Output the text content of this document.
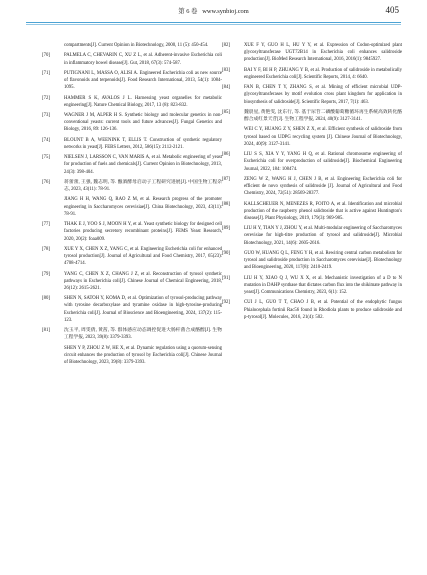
第 6 卷 www.synbioj.com	405
compartments[J]. Current Opinion in Biotechnology, 2000, 11 (5): 450-454.
[70]	PALMELA C, CHEVARIN C, XU Z L, et al. Adherent-invasive Escherichia coli in inflammatory bowel disease[J]. Gut, 2018, 67(3): 574-587.
[71]	PUTIGNANI L, MASSA O, ALISI A. Engineered Escherichia coli as new source of flavonoids and terpenoids[J]. Food Research International, 2013, 54(1): 1084-1095.
[72]	HAMMER S K, AVALOS J L. Harnessing yeast organelles for metabolic engineering[J]. Nature Chemical Biology, 2017, 13 (8): 823-832.
[73]	WAGNER J M, ALPER H S. Synthetic biology and molecular genetics in non-conventional yeasts: current tools and future advances[J]. Fungal Genetics and Biology, 2016, 89: 126-136.
[74]	BLOUNT B A, WEENINK T, ELLIS T. Construction of synthetic regulatory networks in yeast[J]. FEBS Letters, 2012, 586(15): 2112-2121.
[75]	NIELSEN J, LARSSON C, VAN MARIS A, et al. Metabolic engineering of yeast for production of fuels and chemicals[J]. Current Opinion in Biotechnology, 2013, 24(3): 398-404.
[76]	蒋蕾蕾, 王强, 魏志明, 等. 酿酒酵母启动子工程研究进展[J]. 中国生物工程杂志, 2023, 43(11): 78-91.
JIANG H H, WANG Q, RAO Z M, et al. Research progress of the promoter engineering in Saccharomyces cerevisiae[J]. China Biotechnology, 2023, 43(11): 78-91.
[77]	THAK E J, YOO S J, MOON H Y, et al. Yeast synthetic biology for designed cell factories producing secretory recombinant proteins[J]. FEMS Yeast Research, 2020, 20(2): foaa009.
[78]	XUE Y X, CHEN X Z, YANG C, et al. Engineering Escherichia coli for enhanced tyrosol production[J]. Journal of Agricultural and Food Chemistry, 2017, 65(23): 4708-4714.
[79]	YANG C, CHEN X Z, CHANG J Z, et al. Reconstruction of tyrosol synthetic pathways in Escherichia coli[J]. Chinese Journal of Chemical Engineering, 2018, 26(12): 2615-2621.
[80]	SHEN N, SATOH Y, KOMA D, et al. Optimization of tyrosol-producing pathway with tyrosine decarboxylase and tyramine oxidase in high-tyrosine-producing Escherichia coli[J]. Journal of Bioscience and Bioengineering, 2024, 137(2): 115-123.
[81]	沈玉平, 周雯倩, 黄茜, 等. 群体感应动态调控促进大肠杆菌合成酪醇[J]. 生物工程学报, 2023, 39(8): 3379-3393.
SHEN Y P, ZHOU Z W, HE X, et al. Dynamic regulation using a quorum-sensing circuit enhances the production of tyrosol by Escherichia coli[J]. Chinese Journal of Biotechnology, 2023, 39(8): 3379-3393.
[82]	XUE F Y, GUO H L, HU Y Y, et al. Expression of Codon-optimized plant glycosyltransferase UGT72B14 in Escherichia coli enhances salidroside production[J]. BioMed Research International, 2016, 2016(1): 9845927.
[83]	BAI Y F, BI H P, ZHUANG Y B, et al. Production of salidroside in metabolically engineered Escherichia coli[J]. Scientific Reports, 2014, 4: 6640.
[84]	FAN B, CHEN T Y, ZHANG S, et al. Mining of efficient microbial UDP-glycosyltransferases by motif evolution cross plant kingdom for application in biosynthesis of salidroside[J]. Scientific Reports, 2017, 7(1): 463.
[85]	魏晨星, 黄艳雯, 沈东行, 等. 基于尿苷二磷酸葡萄糖循环再生系统高效转化酪醇合成红景天苷[J]. 生物工程学报, 2024, 40(9): 3127-3141.
WEI C Y, HUANG Z Y, SHEN Z X, et al. Efficient synthesis of salidroside from tyrosol based on UDPG recycling system [J]. Chinese Journal of Biotechnology, 2024, 40(9): 3127-3141.
[86]	LIU S S, XIA Y Y, YANG H Q, et al. Rational chromosome engineering of Escherichia coli for overproduction of salidroside[J]. Biochemical Engineering Journal, 2022, 184: 108474.
[87]	ZENG W Z, WANG H J, CHEN J B, et al. Engineering Escherichia coli for efficient de novo synthesis of salidroside [J]. Journal of Agricultural and Food Chemistry, 2024, 72(51): 28569-28377.
[88]	KALLSCHEUER N, MENEZES R, FOITO A, et al. Identification and microbial production of the raspberry phenol salidroside that is active against Huntington's disease[J]. Plant Physiology, 2019, 179(3): 969-985.
[89]	LIU H Y, TIAN Y J, ZHOU Y, et al. Multi-modular engineering of Saccharomyces cerevisiae for high-titre production of tyrosol and salidroside[J]. Microbial Biotechnology, 2021, 14(6): 2605-2616.
[90]	GUO W, HUANG Q L, FENG Y H, et al. Rewiring central carbon metabolism for tyrosol and salidroside production in Saccharomyces cerevisiae[J]. Biotechnology and Bioengineering, 2020, 117(8): 2410-2419.
[91]	LIU H Y, XIAO Q J, WU X X, et al. Mechanistic investigation of a D to N mutation in DAHP synthase that dictates carbon flux into the shikimate pathway in yeast[J]. Communications Chemistry, 2023, 6(1): 152.
[92]	CUI J L, GUO T T, CHAO J B, et al. Potential of the endophytic fungus Phialocephala fortinii Rac56 found in Rhodiola plants to produce salidroside and p-tyrosol[J]. Molecules, 2016, 21(4): 502.
